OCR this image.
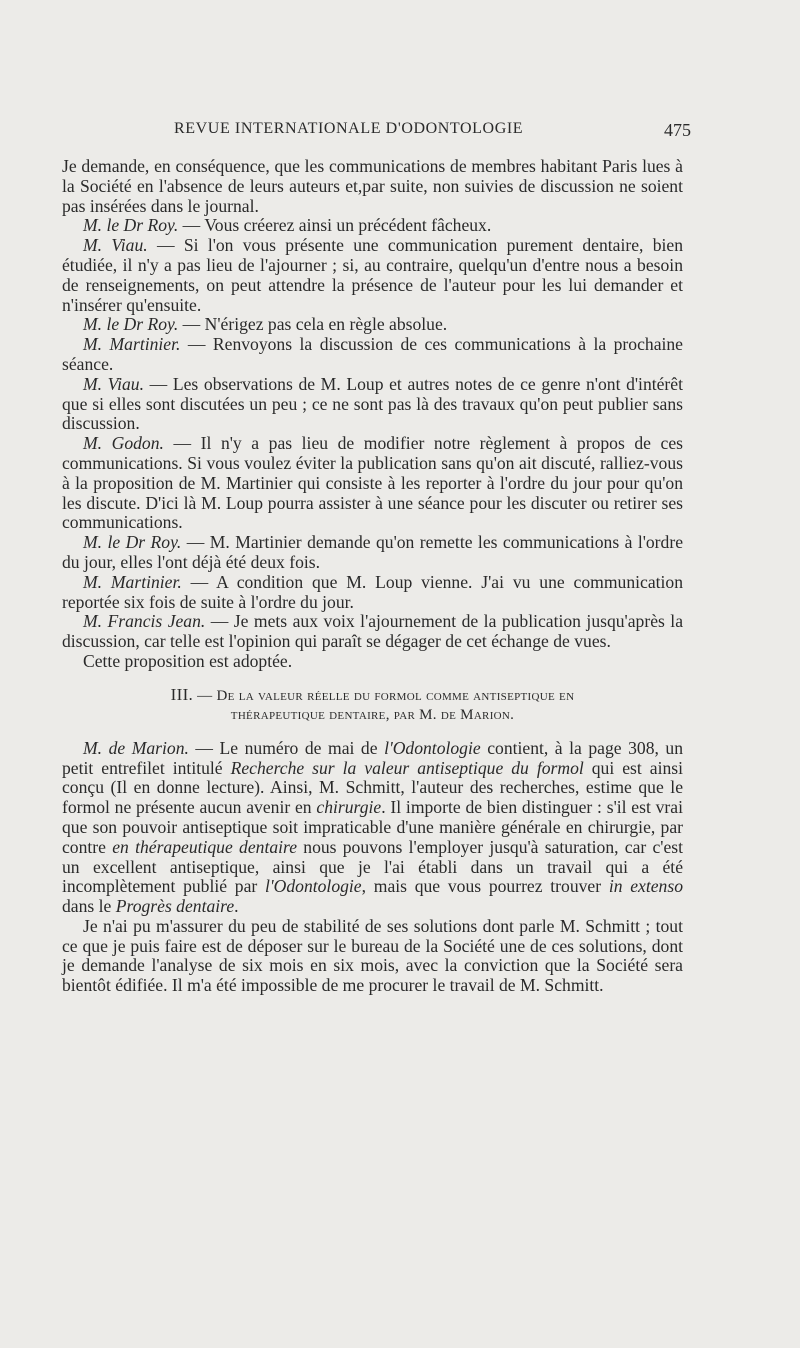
REVUE INTERNATIONALE D'ODONTOLOGIE	475

Je demande, en conséquence, que les communications de membres habitant Paris lues à la Société en l'absence de leurs auteurs et,par suite, non suivies de discussion ne soient pas insérées dans le journal.

M. le Dr Roy. — Vous créerez ainsi un précédent fâcheux.

M. Viau. — Si l'on vous présente une communication purement dentaire, bien étudiée, il n'y a pas lieu de l'ajourner ; si, au contraire, quelqu'un d'entre nous a besoin de renseignements, on peut attendre la présence de l'auteur pour les lui demander et n'insérer qu'ensuite.

M. le Dr Roy. — N'érigez pas cela en règle absolue.

M. Martinier. — Renvoyons la discussion de ces communications à la prochaine séance.

M. Viau. — Les observations de M. Loup et autres notes de ce genre n'ont d'intérêt que si elles sont discutées un peu ; ce ne sont pas là des travaux qu'on peut publier sans discussion.

M. Godon. — Il n'y a pas lieu de modifier notre règlement à propos de ces communications. Si vous voulez éviter la publication sans qu'on ait discuté, ralliez-vous à la proposition de M. Martinier qui consiste à les reporter à l'ordre du jour pour qu'on les discute. D'ici là M. Loup pourra assister à une séance pour les discuter ou retirer ses communications.

M. le Dr Roy. — M. Martinier demande qu'on remette les communications à l'ordre du jour, elles l'ont déjà été deux fois.

M. Martinier. — A condition que M. Loup vienne. J'ai vu une communication reportée six fois de suite à l'ordre du jour.

M. Francis Jean. — Je mets aux voix l'ajournement de la publication jusqu'après la discussion, car telle est l'opinion qui paraît se dégager de cet échange de vues.

Cette proposition est adoptée.

III. — De la valeur réelle du formol comme antiseptique en
thérapeutique dentaire, par M. de Marion.

M. de Marion. — Le numéro de mai de l'Odontologie contient, à la page 308, un petit entrefilet intitulé Recherche sur la valeur antiseptique du formol qui est ainsi conçu (Il en donne lecture). Ainsi, M. Schmitt, l'auteur des recherches, estime que le formol ne présente aucun avenir en chirurgie. Il importe de bien distinguer : s'il est vrai que son pouvoir antiseptique soit impraticable d'une manière générale en chirurgie, par contre en thérapeutique dentaire nous pouvons l'employer jusqu'à saturation, car c'est un excellent antiseptique, ainsi que je l'ai établi dans un travail qui a été incomplètement publié par l'Odontologie, mais que vous pourrez trouver in extenso dans le Progrès dentaire.

Je n'ai pu m'assurer du peu de stabilité de ses solutions dont parle M. Schmitt ; tout ce que je puis faire est de déposer sur le bureau de la Société une de ces solutions, dont je demande l'analyse de six mois en six mois, avec la conviction que la Société sera bientôt édifiée. Il m'a été impossible de me procurer le travail de M. Schmitt.
